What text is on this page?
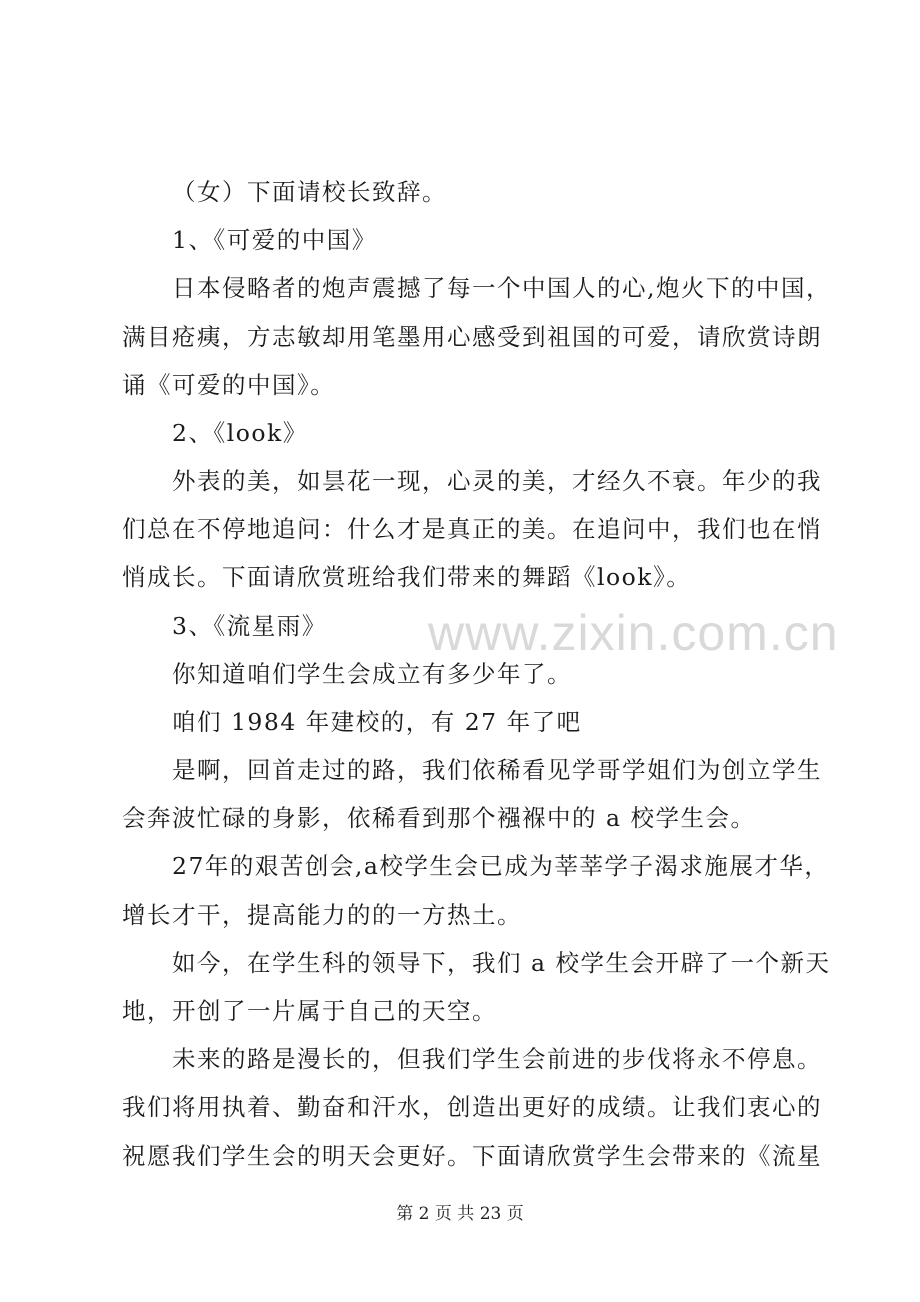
（女）下面请校长致辞。
1、《可爱的中国》
日本侵略者的炮声震撼了每一个中国人的心,炮火下的中国，
满目疮痍，方志敏却用笔墨用心感受到祖国的可爱，请欣赏诗朗
诵《可爱的中国》。
2、《look》
外表的美，如昙花一现，心灵的美，才经久不衰。年少的我
们总在不停地追问：什么才是真正的美。在追问中，我们也在悄
悄成长。下面请欣赏班给我们带来的舞蹈《look》。
3、《流星雨》
你知道咱们学生会成立有多少年了。
咱们 1984 年建校的，有 27 年了吧
是啊，回首走过的路，我们依稀看见学哥学姐们为创立学生
会奔波忙碌的身影，依稀看到那个襁褓中的 a 校学生会。
27年的艰苦创会,a校学生会已成为莘莘学子渴求施展才华，
增长才干，提高能力的的一方热土。
如今，在学生科的领导下，我们 a 校学生会开辟了一个新天
地，开创了一片属于自己的天空。
未来的路是漫长的，但我们学生会前进的步伐将永不停息。
我们将用执着、勤奋和汗水，创造出更好的成绩。让我们衷心的
祝愿我们学生会的明天会更好。下面请欣赏学生会带来的《流星
www.zixin.com.cn
第 2 页 共 23 页
